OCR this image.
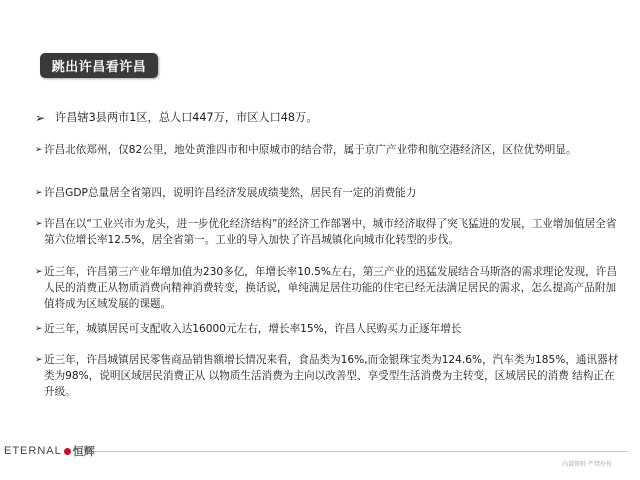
跳出许昌看许昌
➢ 许昌辖3县两市1区，总人口447万，市区人口48万。
➢ 许昌北依郑州，仅82公里，地处黄淮四市和中原城市的结合带，属于京广产业带和航空港经济区，区位优势明显。
➢ 许昌GDP总量居全省第四，说明许昌经济发展成绩斐然，居民有一定的消费能力
➢ 许昌在以“工业兴市为龙头，进一步优化经济结构”的经济工作部署中，城市经济取得了突飞猛进的发展，工业增加值居全省第六位增长率12.5%，居全省第一。工业的导入加快了许昌城镇化向城市化转型的步伐。
➢ 近三年，许昌第三产业年增加值为230多亿，年增长率10.5%左右，第三产业的迅猛发展结合马斯洛的需求理论发现，许昌人民的消费正从物质消费向精神消费转变，换话说，单纯满足居住功能的住宅已经无法满足居民的需求，怎么提高产品附加值将成为区域发展的课题。
➢ 近三年，城镇居民可支配收入达16000元左右，增长率15%，许昌人民购买力正逐年增长
➢ 近三年，许昌城镇居民零售商品销售额增长情况来看，食品类为16%,而金银珠宝类为124.6%，汽车类为185%，通讯器材类为98%，说明区域居民消费正从 以物质生活消费为主向以改善型、享受型生活消费为主转变，区域居民的消费 结构正在升级。
ETERNAL 恒辉
内部资料 严禁外传
